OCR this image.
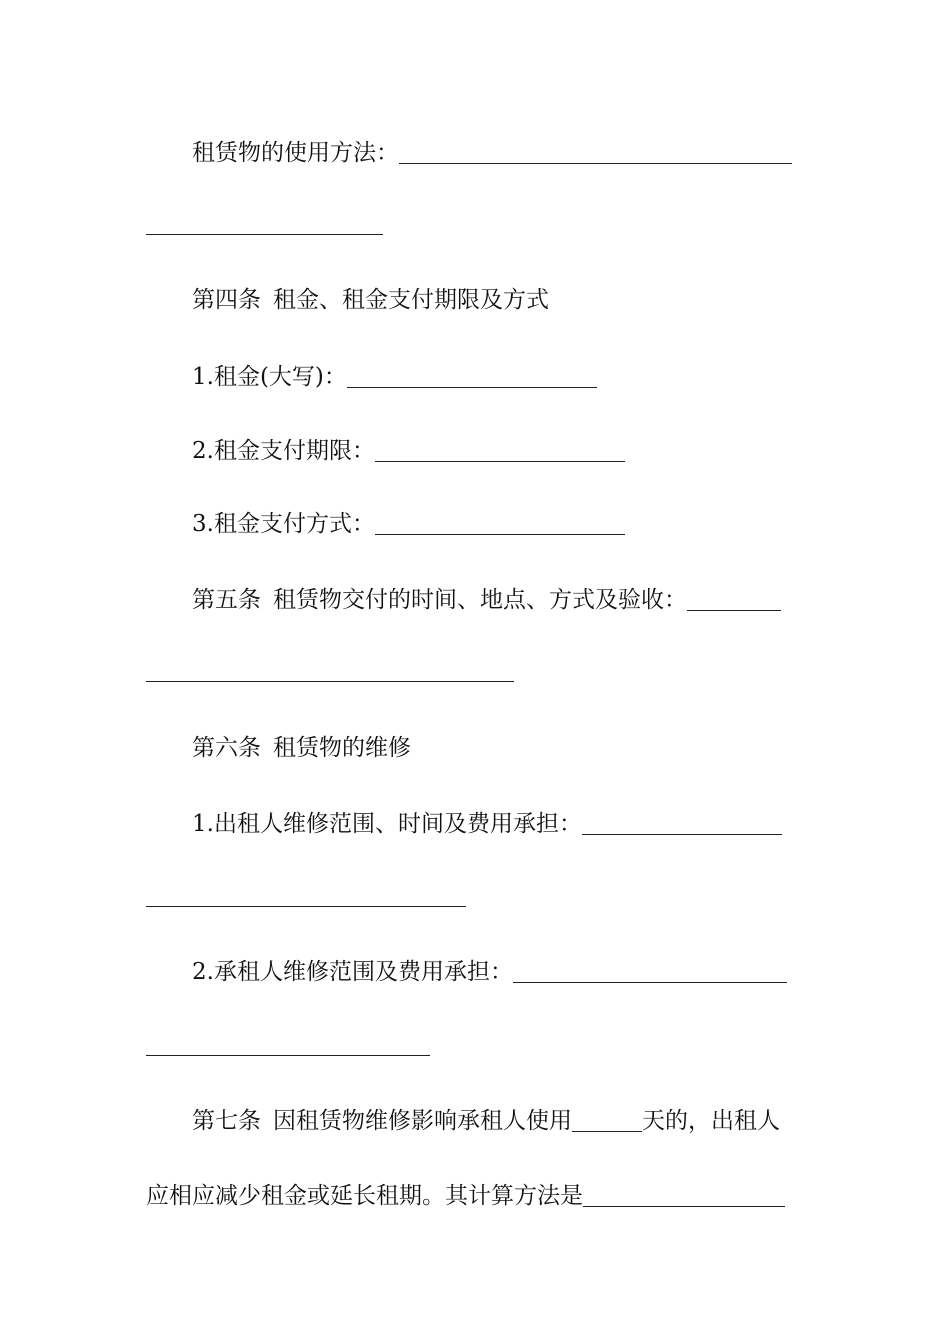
租赁物的使用方法：
第四条 租金、租金支付期限及方式
1.租金(大写)：
2.租金支付期限：
3.租金支付方式：
第五条 租赁物交付的时间、地点、方式及验收：
第六条 租赁物的维修
1.出租人维修范围、时间及费用承担：
2.承租人维修范围及费用承担：
第七条 因租赁物维修影响承租人使用	天的，出租人
应相应减少租金或延长租期。其计算方法是
